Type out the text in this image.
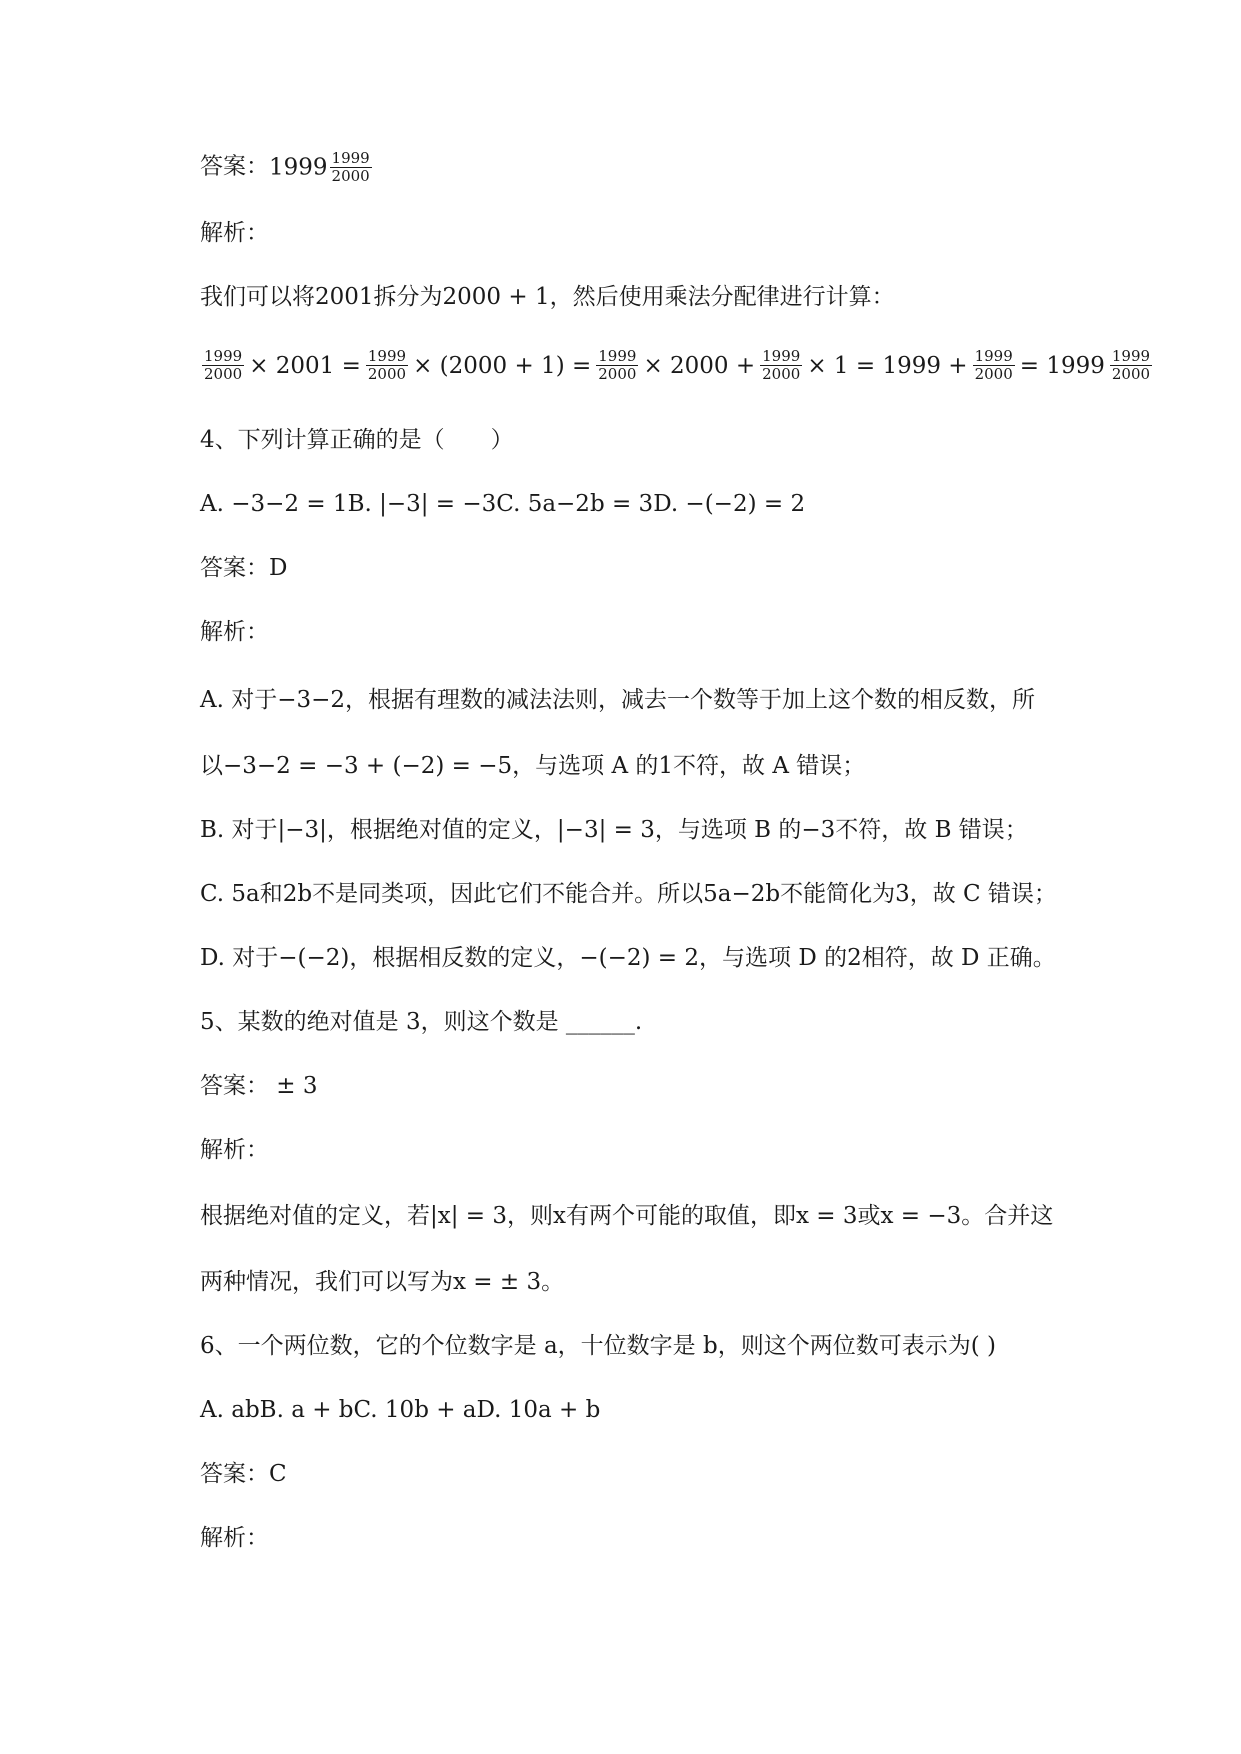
答案：$1999 \frac{1999}{2000}$
解析：
我们可以将2001拆分为2000 + 1，然后使用乘法分配律进行计算：
$\frac{1999}{2000} \times 2001 = \frac{1999}{2000} \times (2000 + 1) = \frac{1999}{2000} \times 2000 + \frac{1999}{2000} \times 1 = 1999 + \frac{1999}{2000} = 1999 \frac{1999}{2000}$
4、下列计算正确的是（　　）
A. −3−2 = 1B. |−3| = −3C. 5a−2b = 3D. −(−2) = 2
答案：D
解析：
A. 对于−3−2，根据有理数的减法法则，减去一个数等于加上这个数的相反数，所
以−3−2 = −3 + (−2) = −5，与选项 A 的1不符，故 A 错误；
B. 对于|−3|，根据绝对值的定义，|−3| = 3，与选项 B 的−3不符，故 B 错误；
C. 5a和2b不是同类项，因此它们不能合并。所以5a−2b不能简化为3，故 C 错误；
D. 对于−(−2)，根据相反数的定义，−(−2) = 2，与选项 D 的2相符，故 D 正确。
5、某数的绝对值是 3，则这个数是 ______.
答案： ± 3
解析：
根据绝对值的定义，若|x| = 3，则x有两个可能的取值，即x = 3或x = −3。合并这
两种情况，我们可以写为x = ± 3。
6、一个两位数，它的个位数字是 a，十位数字是 b，则这个两位数可表示为( )
A. abB. a + bC. 10b + aD. 10a + b
答案：C
解析：
